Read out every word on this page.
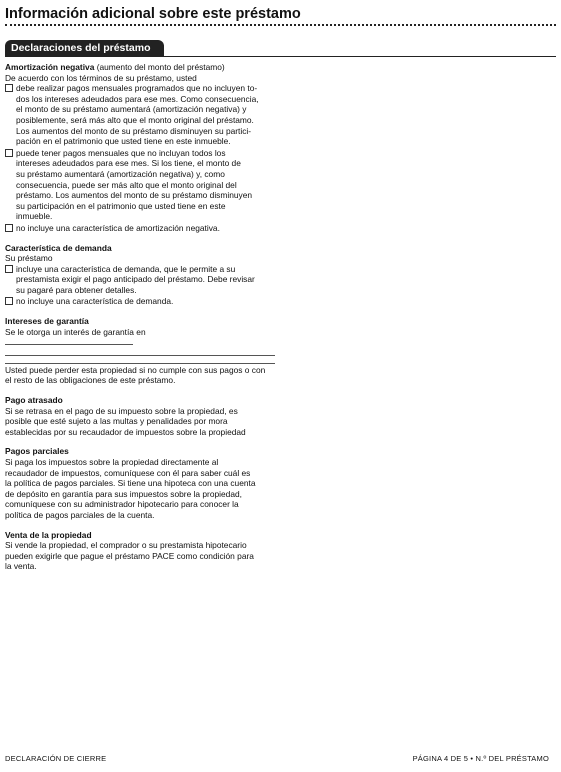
Información adicional sobre este préstamo
Declaraciones del préstamo
Amortización negativa (aumento del monto del préstamo)
De acuerdo con los términos de su préstamo, usted
debe realizar pagos mensuales programados que no incluyen to-
dos los intereses adeudados para ese mes. Como consecuencia,
el monto de su préstamo aumentará (amortización negativa) y
posiblemente, será más alto que el monto original del préstamo.
Los aumentos del monto de su préstamo disminuyen su partici-
pación en el patrimonio que usted tiene en este inmueble.
puede tener pagos mensuales que no incluyan todos los
intereses adeudados para ese mes. Si los tiene, el monto de
su préstamo aumentará (amortización negativa) y, como
consecuencia, puede ser más alto que el monto original del
préstamo. Los aumentos del monto de su préstamo disminuyen
su participación en el patrimonio que usted tiene en este
inmueble.
no incluye una característica de amortización negativa.
Característica de demanda
Su préstamo
incluye una característica de demanda, que le permite a su
prestamista exigir el pago anticipado del préstamo. Debe revisar
su pagaré para obtener detalles.
no incluye una característica de demanda.
Intereses de garantía
Se le otorga un interés de garantía en
Usted puede perder esta propiedad si no cumple con sus pagos o con
el resto de las obligaciones de este préstamo.
Pago atrasado
Si se retrasa en el pago de su impuesto sobre la propiedad, es
posible que esté sujeto a las multas y penalidades por mora
establecidas por su recaudador de impuestos sobre la propiedad
Pagos parciales
Si paga los impuestos sobre la propiedad directamente al
recaudador de impuestos, comuníquese con él para saber cuál es
la política de pagos parciales. Si tiene una hipoteca con una cuenta
de depósito en garantía para sus impuestos sobre la propiedad,
comuníquese con su administrador hipotecario para conocer la
política de pagos parciales de la cuenta.
Venta de la propiedad
Si vende la propiedad, el comprador o su prestamista hipotecario
pueden exigirle que pague el préstamo PACE como condición para
la venta.
DECLARACIÓN DE CIERRE	PÁGINA 4 DE 5 • N.º DEL PRÉSTAMO
